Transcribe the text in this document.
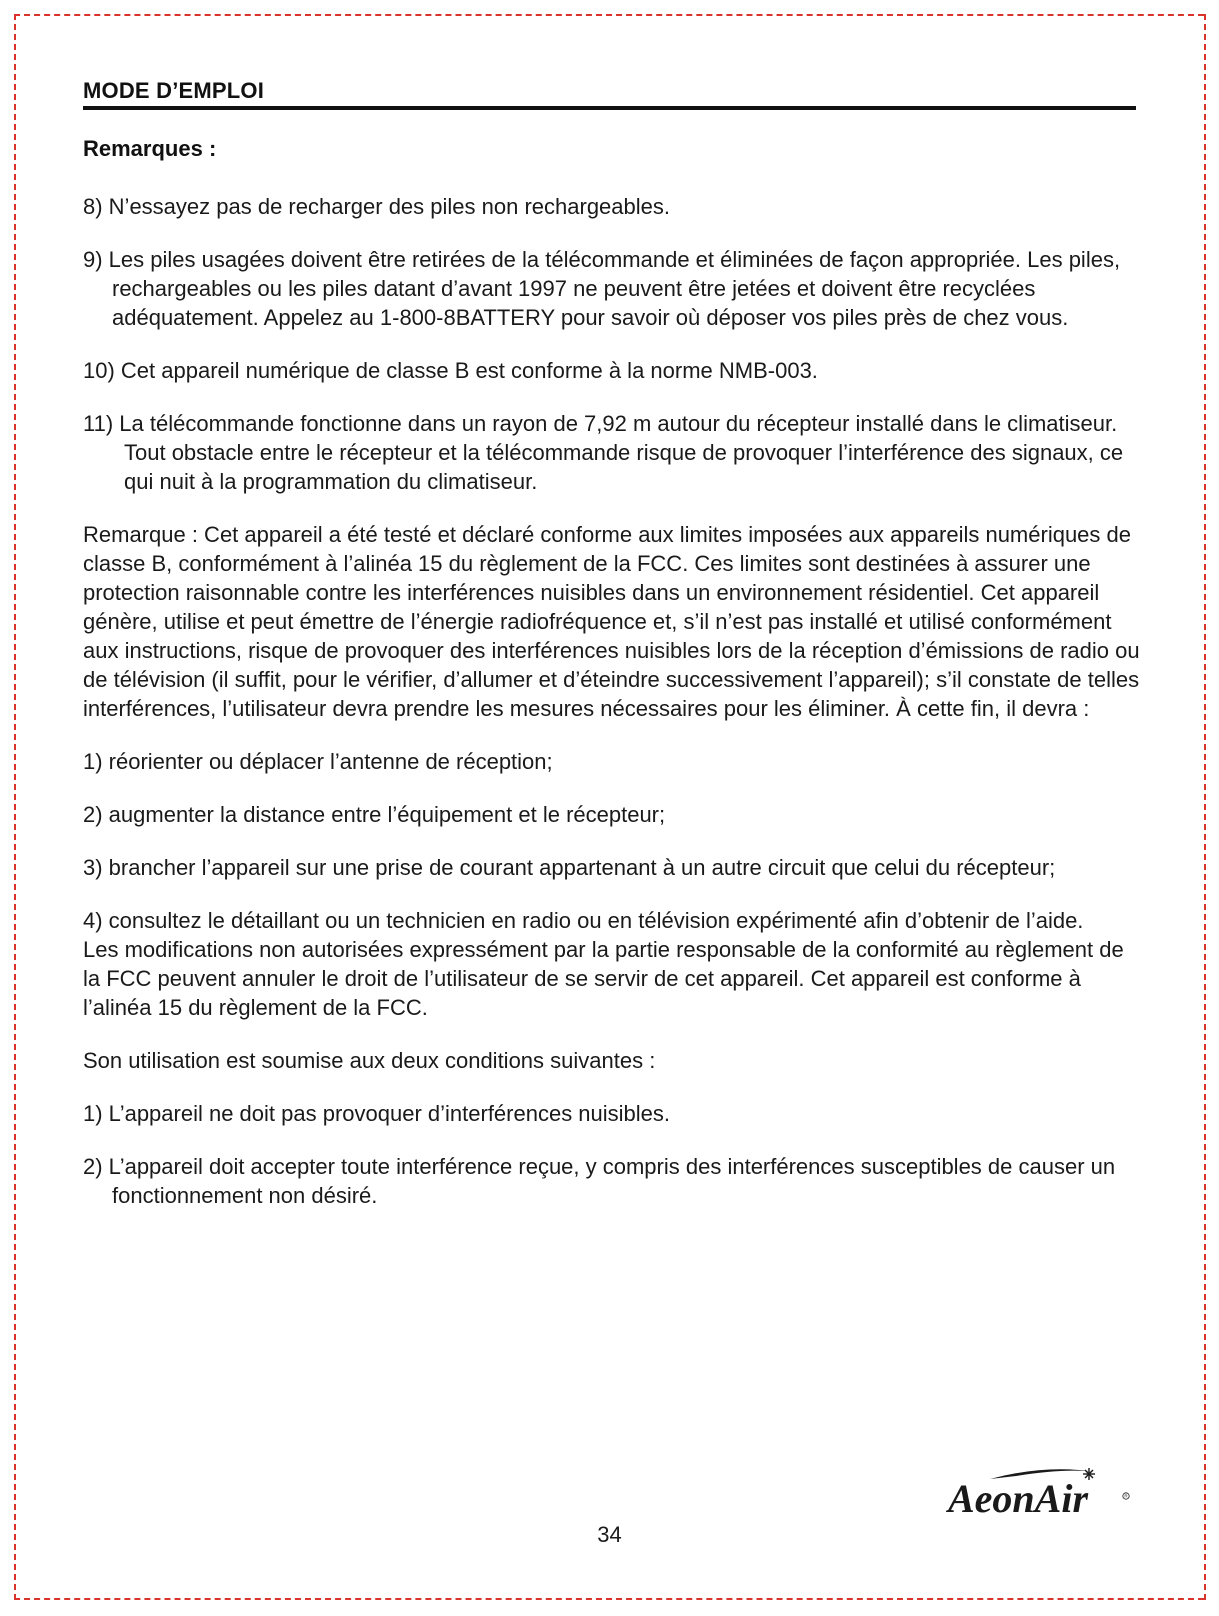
MODE D’EMPLOI
Remarques :

8) N’essayez pas de recharger des piles non rechargeables.

9) Les piles usagées doivent être retirées de la télécommande et éliminées de façon appropriée. Les piles, rechargeables ou les piles datant d’avant 1997 ne peuvent être jetées et doivent être recyclées adéquatement. Appelez au 1-800-8BATTERY pour savoir où déposer vos piles près de chez vous.

10) Cet appareil numérique de classe B est conforme à la norme NMB-003.

11) La télécommande fonctionne dans un rayon de 7,92 m autour du récepteur installé dans le climatiseur. Tout obstacle entre le récepteur et la télécommande risque de provoquer l’interférence des signaux, ce qui nuit à la programmation du climatiseur.

Remarque : Cet appareil a été testé et déclaré conforme aux limites imposées aux appareils numériques de classe B, conformément à l’alinéa 15 du règlement de la FCC. Ces limites sont destinées à assurer une protection raisonnable contre les interférences nuisibles dans un environnement résidentiel. Cet appareil génère, utilise et peut émettre de l’énergie radiofréquence et, s’il n’est pas installé et utilisé conformément aux instructions, risque de provoquer des interférences nuisibles lors de la réception d’émissions de radio ou de télévision (il suffit, pour le vérifier, d’allumer et d’éteindre successivement l’appareil); s’il constate de telles interférences, l’utilisateur devra prendre les mesures nécessaires pour les éliminer. À cette fin, il devra :

1) réorienter ou déplacer l’antenne de réception;

2) augmenter la distance entre l’équipement et le récepteur;

3) brancher l’appareil sur une prise de courant appartenant à un autre circuit que celui du récepteur;

4) consultez le détaillant ou un technicien en radio ou en télévision expérimenté afin d’obtenir de l’aide.

Les modifications non autorisées expressément par la partie responsable de la conformité au règlement de la FCC peuvent annuler le droit de l’utilisateur de se servir de cet appareil. Cet appareil est conforme à l’alinéa 15 du règlement de la FCC.

Son utilisation est soumise aux deux conditions suivantes :

1) L’appareil ne doit pas provoquer d’interférences nuisibles.

2) L’appareil doit accepter toute interférence reçue, y compris des interférences susceptibles de causer un fonctionnement non désiré.

AeonAir	R
34
